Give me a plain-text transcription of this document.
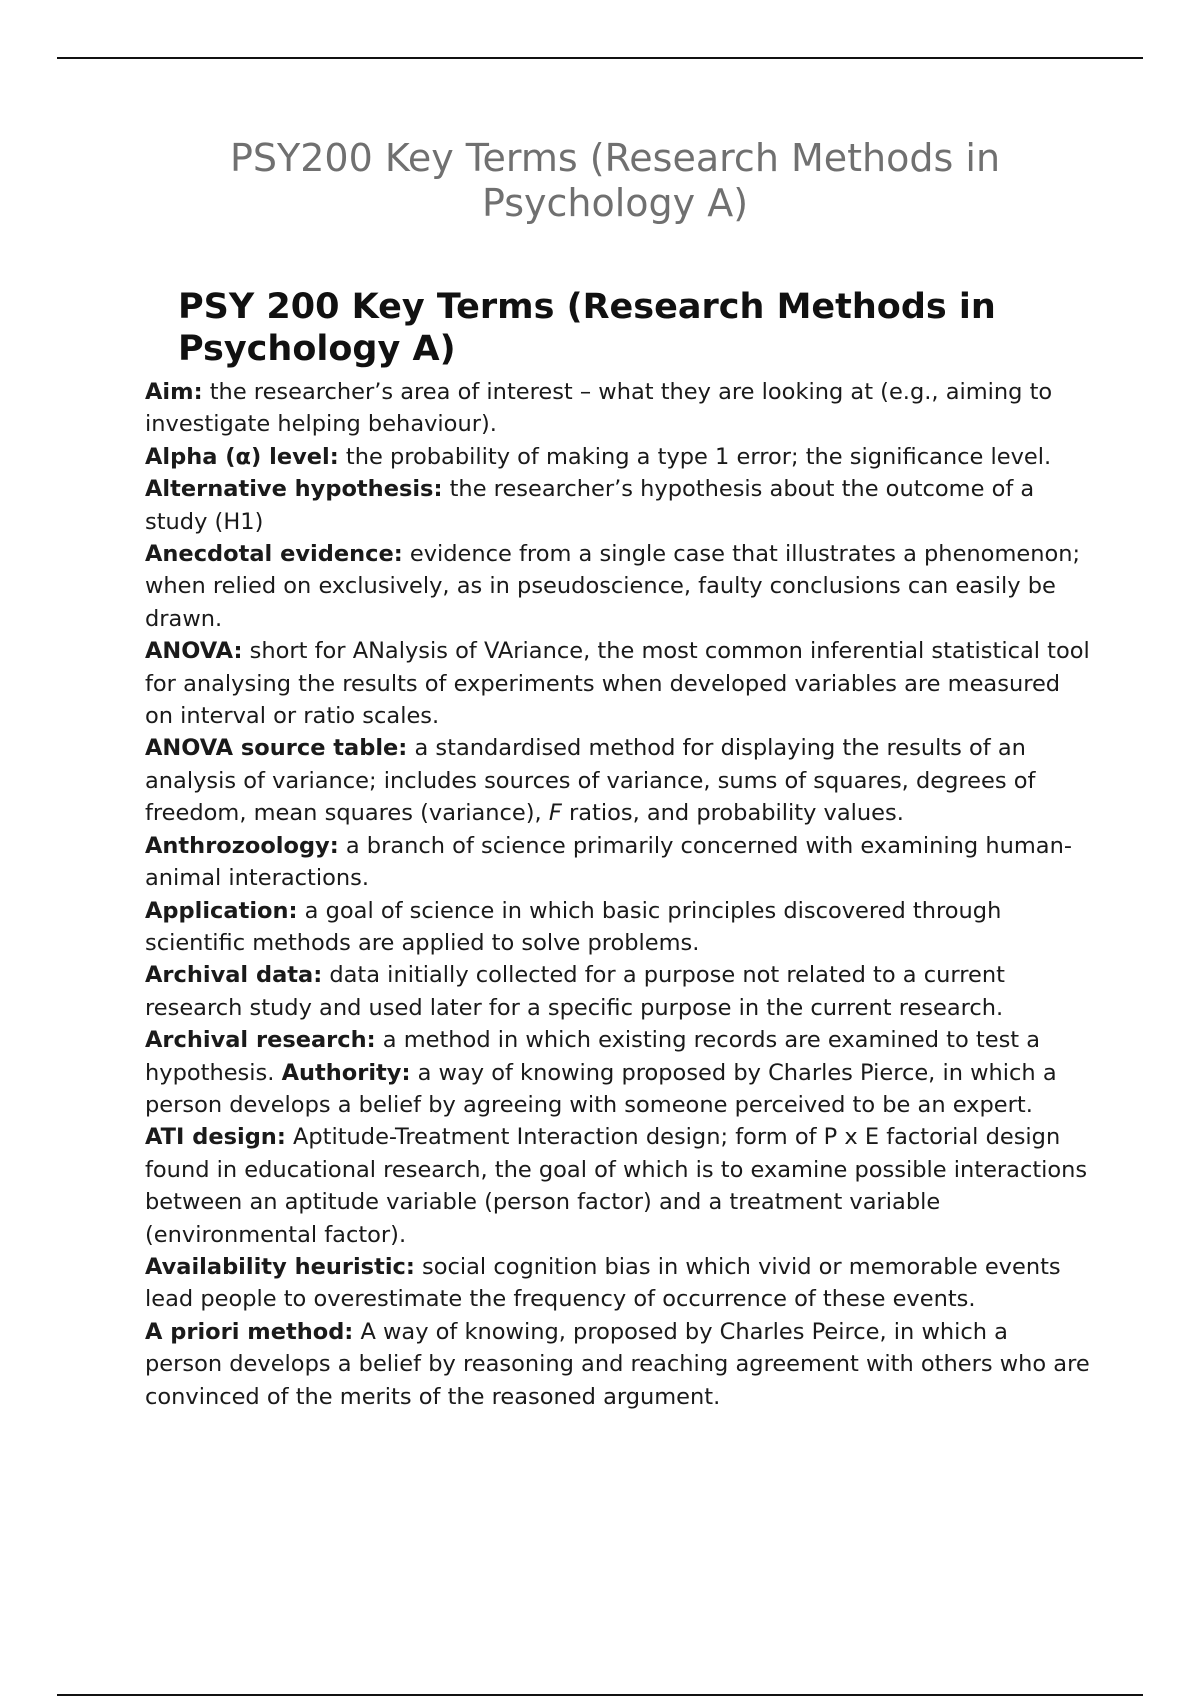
PSY200 Key Terms (Research Methods in Psychology A)
PSY 200 Key Terms (Research Methods in Psychology A)

Aim: the researcher’s area of interest – what they are looking at (e.g., aiming to investigate helping behaviour).

Alpha (α) level: the probability of making a type 1 error; the significance level.

Alternative hypothesis: the researcher’s hypothesis about the outcome of a study (H1)

Anecdotal evidence: evidence from a single case that illustrates a phenomenon; when relied on exclusively, as in pseudoscience, faulty conclusions can easily be drawn.

ANOVA: short for ANalysis of VAriance, the most common inferential statistical tool for analysing the results of experiments when developed variables are measured on interval or ratio scales.

ANOVA source table: a standardised method for displaying the results of an analysis of variance; includes sources of variance, sums of squares, degrees of freedom, mean squares (variance), F ratios, and probability values.

Anthrozoology: a branch of science primarily concerned with examining human-animal interactions.

Application: a goal of science in which basic principles discovered through scientific methods are applied to solve problems.

Archival data: data initially collected for a purpose not related to a current research study and used later for a specific purpose in the current research.

Archival research: a method in which existing records are examined to test a hypothesis. Authority: a way of knowing proposed by Charles Pierce, in which a person develops a belief by agreeing with someone perceived to be an expert.

ATI design: Aptitude-Treatment Interaction design; form of P x E factorial design found in educational research, the goal of which is to examine possible interactions between an aptitude variable (person factor) and a treatment variable (environmental factor).

Availability heuristic: social cognition bias in which vivid or memorable events lead people to overestimate the frequency of occurrence of these events.

A priori method: A way of knowing, proposed by Charles Peirce, in which a person develops a belief by reasoning and reaching agreement with others who are convinced of the merits of the reasoned argument.
